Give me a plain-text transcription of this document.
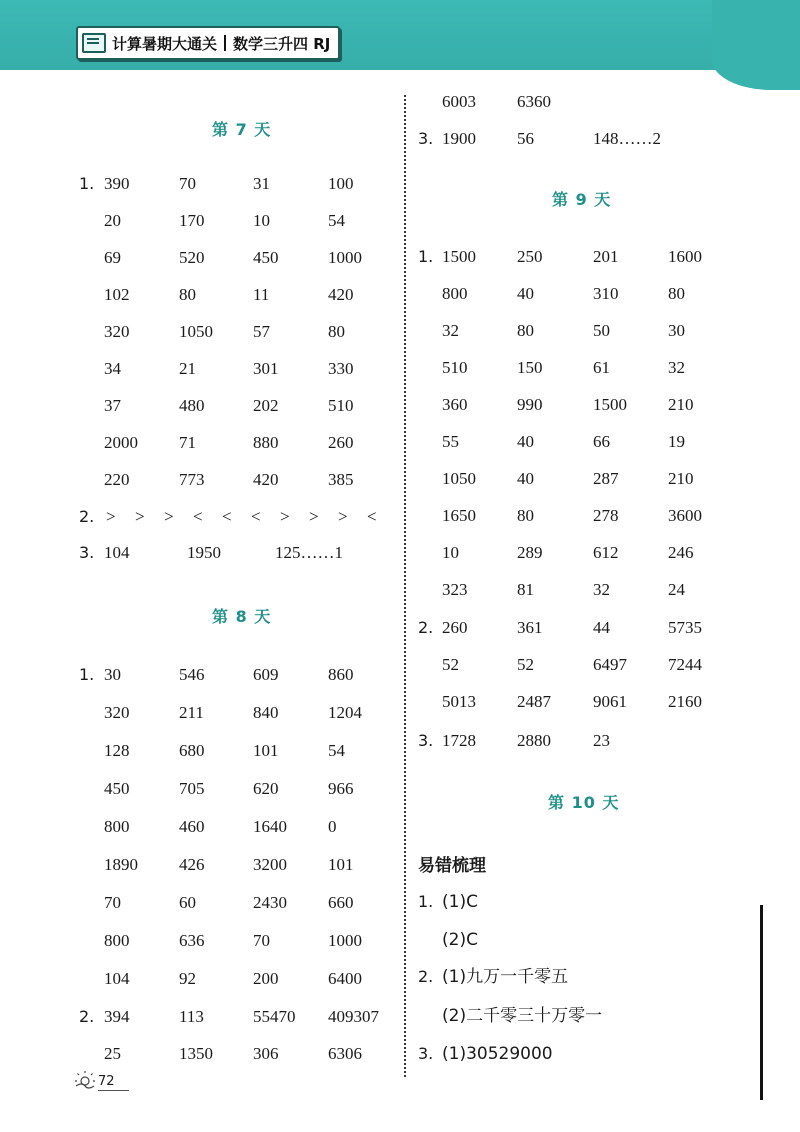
计算暑期大通关 数学三升四 RJ
第 7 天
1. 390	70	31	100
20	170	10	54
69	520	450	1000
102	80	11	420
320	1050 57	80
34	21	301	330
37	480	202	510
2000 71	880	260
220	773	420	385
2. > > > < < < > > > <
3. 104	1950	125……1
第 8 天
1. 30	546	609	860
320	211	840	1204
128	680	101	54
450	705	620	966
800	460	1640 0
1890 426	3200 101
70	60	2430 660
800	636	70	1000
104	92	200	6400
2. 394	113	55470 409307
25	1350 306	6306
6003 6360
3. 1900 56	148……2
第 9 天
1. 1500 250	201	1600
800	40	310	80
32	80	50	30
510	150	61	32
360	990	1500 210
55	40	66	19
1050 40	287	210
1650 80	278	3600
10	289	612	246
323	81	32	24
2. 260	361	44	5735
52	52	6497 7244
5013 2487 9061 2160
3. 1728 2880 23
第 10 天
易错梳理
1. (1)C
(2)C
2. (1)九万一千零五
(2)二千零三十万零一
3. (1)30529000
72
